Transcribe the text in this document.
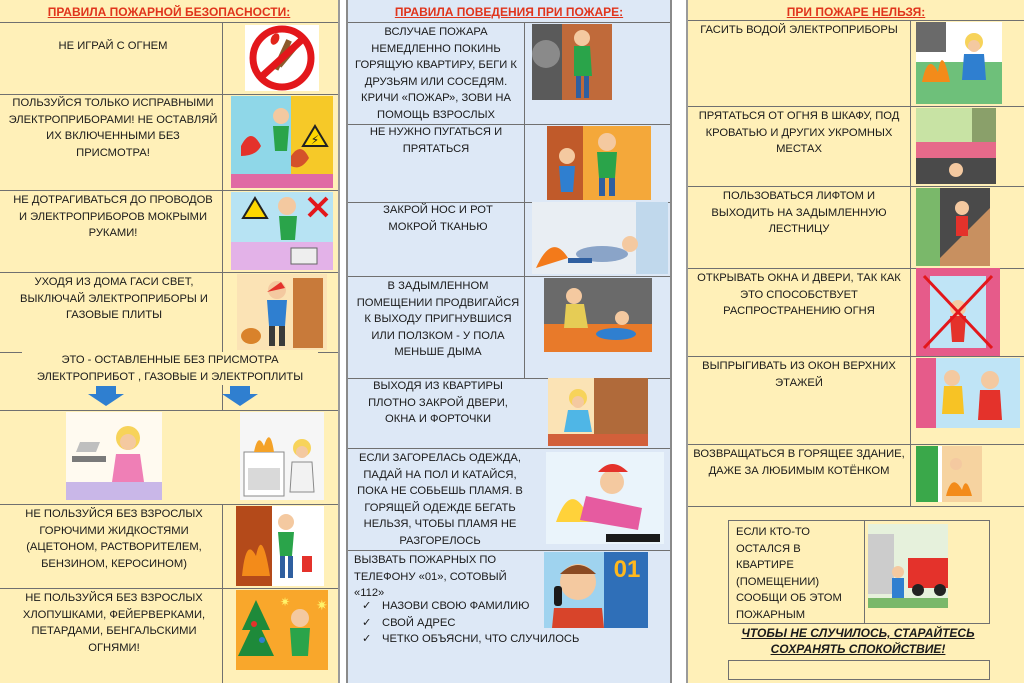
ПРАВИЛА ПОЖАРНОЙ БЕЗОПАСНОСТИ:
НЕ ИГРАЙ С ОГНЕМ
ПОЛЬЗУЙСЯ ТОЛЬКО ИСПРАВНЫМИ ЭЛЕКТРОПРИБОРАМИ! НЕ ОСТАВЛЯЙ ИХ ВКЛЮЧЕННЫМИ БЕЗ ПРИСМОТРА!
⚡
НЕ ДОТРАГИВАТЬСЯ ДО ПРОВОДОВ И ЭЛЕКТРОПРИБОРОВ МОКРЫМИ РУКАМИ!
УХОДЯ ИЗ ДОМА ГАСИ СВЕТ, ВЫКЛЮЧАЙ ЭЛЕКТРОПРИБОРЫ И ГАЗОВЫЕ ПЛИТЫ
ЭТО - ОСТАВЛЕННЫЕ БЕЗ ПРИСМОТРА ЭЛЕКТРОПРИБОТ , ГАЗОВЫЕ И ЭЛЕКТРОПЛИТЫ
НЕ ПОЛЬЗУЙСЯ БЕЗ ВЗРОСЛЫХ ГОРЮЧИМИ ЖИДКОСТЯМИ (АЦЕТОНОМ, РАСТВОРИТЕЛЕМ, БЕНЗИНОМ, КЕРОСИНОМ)
НЕ ПОЛЬЗУЙСЯ БЕЗ ВЗРОСЛЫХ ХЛОПУШКАМИ, ФЕЙЕРВЕРКАМИ, ПЕТАРДАМИ, БЕНГАЛЬСКИМИ ОГНЯМИ!
✷
✷
ПРАВИЛА ПОВЕДЕНИЯ ПРИ ПОЖАРЕ:
ВСЛУЧАЕ ПОЖАРА НЕМЕДЛЕННО ПОКИНЬ ГОРЯЩУЮ КВАРТИРУ, БЕГИ К ДРУЗЬЯМ ИЛИ СОСЕДЯМ. КРИЧИ «ПОЖАР», ЗОВИ НА ПОМОЩЬ ВЗРОСЛЫХ
НЕ НУЖНО ПУГАТЬСЯ И ПРЯТАТЬСЯ
ЗАКРОЙ НОС И РОТ МОКРОЙ ТКАНЬЮ
В ЗАДЫМЛЕННОМ ПОМЕЩЕНИИ ПРОДВИГАЙСЯ К ВЫХОДУ ПРИГНУВШИСЯ ИЛИ ПОЛЗКОМ - У ПОЛА МЕНЬШЕ ДЫМА
ВЫХОДЯ ИЗ КВАРТИРЫ ПЛОТНО ЗАКРОЙ ДВЕРИ, ОКНА И ФОРТОЧКИ
ЕСЛИ ЗАГОРЕЛАСЬ ОДЕЖДА, ПАДАЙ НА ПОЛ И КАТАЙСЯ, ПОКА НЕ СОБЬЕШЬ ПЛАМЯ. В ГОРЯЩЕЙ ОДЕЖДЕ БЕГАТЬ НЕЛЬЗЯ, ЧТОБЫ ПЛАМЯ НЕ РАЗГОРЕЛОСЬ
ВЫЗВАТЬ ПОЖАРНЫХ ПО ТЕЛЕФОНУ «01», СОТОВЫЙ «112»
✓ НАЗОВИ СВОЮ ФАМИЛИЮ
✓ СВОЙ АДРЕС
✓ ЧЕТКО ОБЪЯСНИ, ЧТО СЛУЧИЛОСЬ
01
ПРИ ПОЖАРЕ НЕЛЬЗЯ:
ГАСИТЬ ВОДОЙ ЭЛЕКТРОПРИБОРЫ
ПРЯТАТЬСЯ ОТ ОГНЯ В ШКАФУ, ПОД КРОВАТЬЮ И ДРУГИХ УКРОМНЫХ МЕСТАХ
ПОЛЬЗОВАТЬСЯ ЛИФТОМ И ВЫХОДИТЬ НА ЗАДЫМЛЕННУЮ ЛЕСТНИЦУ
ОТКРЫВАТЬ ОКНА И ДВЕРИ, ТАК КАК ЭТО СПОСОБСТВУЕТ РАСПРОСТРАНЕНИЮ ОГНЯ
ВЫПРЫГИВАТЬ ИЗ ОКОН ВЕРХНИХ ЭТАЖЕЙ
ВОЗВРАЩАТЬСЯ В ГОРЯЩЕЕ ЗДАНИЕ, ДАЖЕ ЗА ЛЮБИМЫМ КОТЁНКОМ
ЕСЛИ КТО-ТО ОСТАЛСЯ В КВАРТИРЕ (ПОМЕЩЕНИИ) СООБЩИ ОБ ЭТОМ ПОЖАРНЫМ
ЧТОБЫ НЕ СЛУЧИЛОСЬ, СТАРАЙТЕСЬ СОХРАНЯТЬ СПОКОЙСТВИЕ!
